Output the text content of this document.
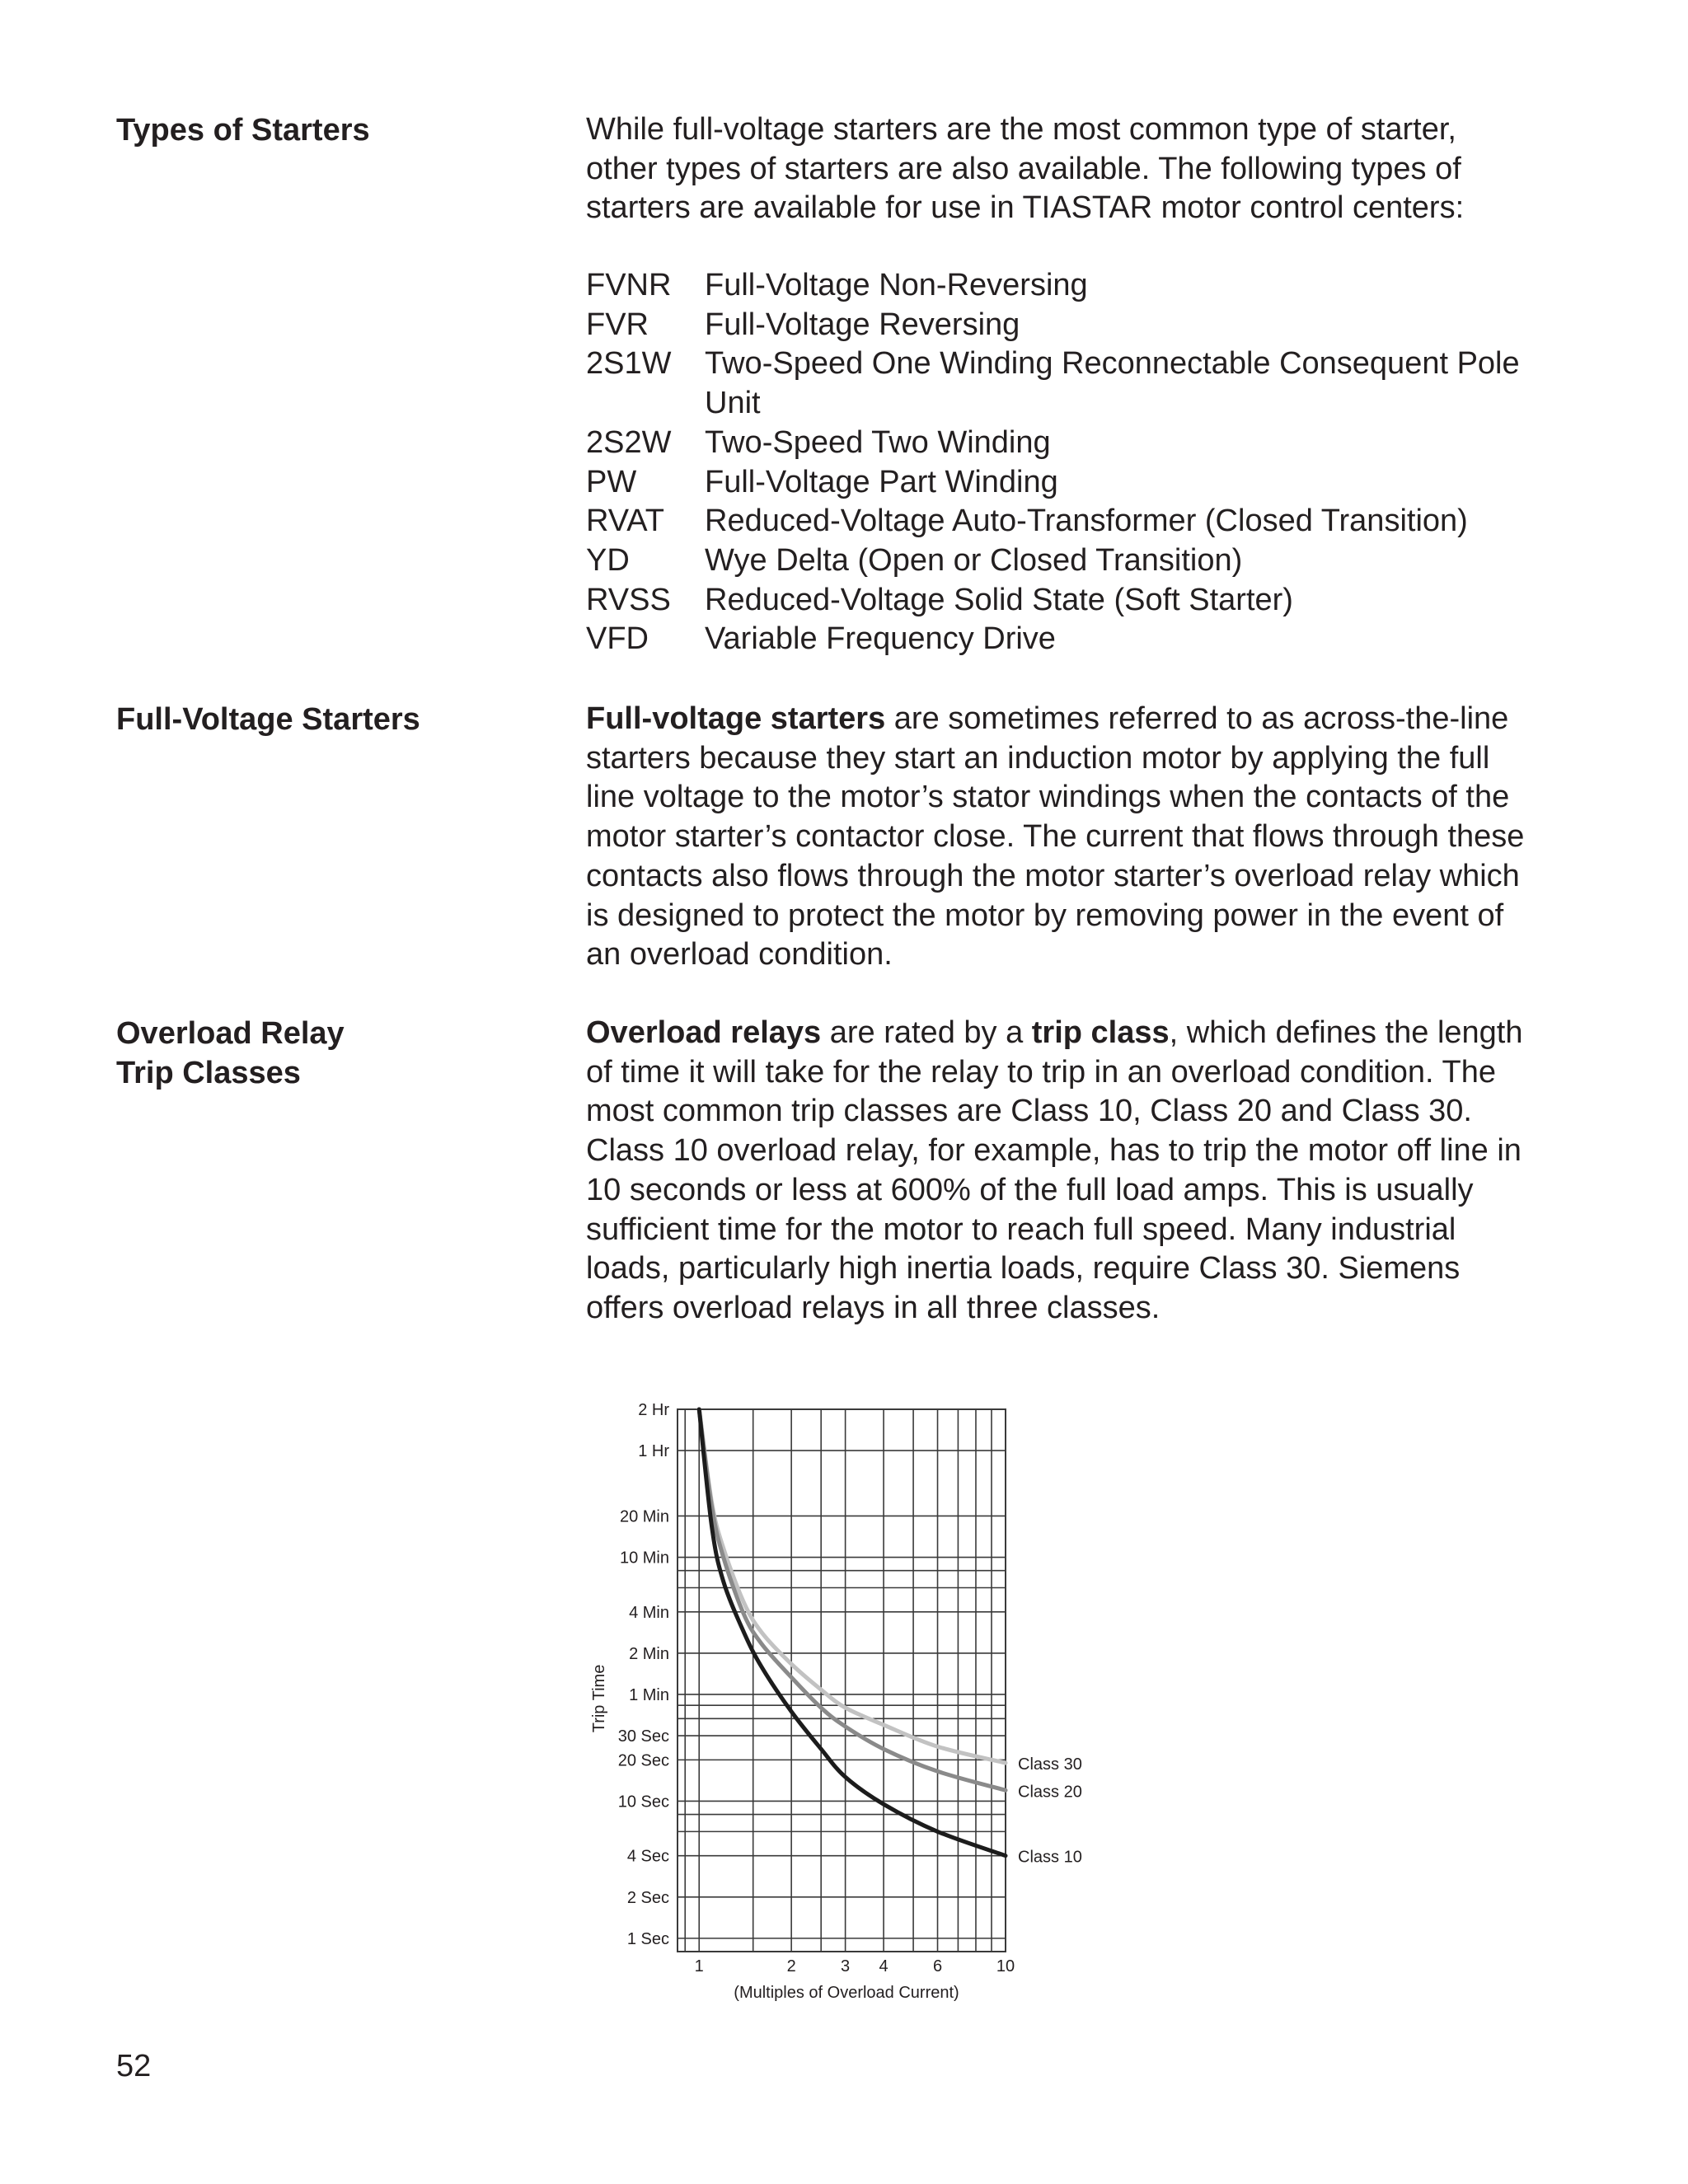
Types of Starters	While full-voltage starters are the most common type of starter, other types of starters are also available. The following types of starters are available for use in TIASTAR motor control centers:

FVNR	Full-Voltage Non-Reversing
FVR	Full-Voltage Reversing
2S1W	Two-Speed One Winding Reconnectable Consequent Pole Unit
2S2W	Two-Speed Two Winding
PW	Full-Voltage Part Winding
RVAT	Reduced-Voltage Auto-Transformer (Closed Transition)
YD	Wye Delta (Open or Closed Transition)
RVSS	Reduced-Voltage Solid State (Soft Starter)
VFD	Variable Frequency Drive
Full-Voltage Starters	Full-voltage starters are sometimes referred to as across-the-line starters because they start an induction motor by applying the full line voltage to the motor’s stator windings when the contacts of the motor starter’s contactor close. The current that flows through these contacts also flows through the motor starter’s overload relay which is designed to protect the motor by removing power in the event of an overload condition.

Overload Relay
Trip Classes

Overload relays are rated by a trip class, which defines the length of time it will take for the relay to trip in an overload condition. The most common trip classes are Class 10, Class 20 and Class 30. Class 10 overload relay, for example, has to trip the motor off line in 10 seconds or less at 600% of the full load amps. This is usually sufficient time for the motor to reach full speed. Many industrial loads, particularly high inertia loads, require Class 30. Siemens offers overload relays in all three classes.

2 Hr
1 Hr
20 Min
10 Min
4 Min
2 Min
1 Min
30 Sec
20 Sec
10 Sec
4 Sec
2 Sec
1 Sec
1	2	3 4	6	10
(Multiples of Overload Current)
Trip Time
Class 30
Class 20
Class 10
52
